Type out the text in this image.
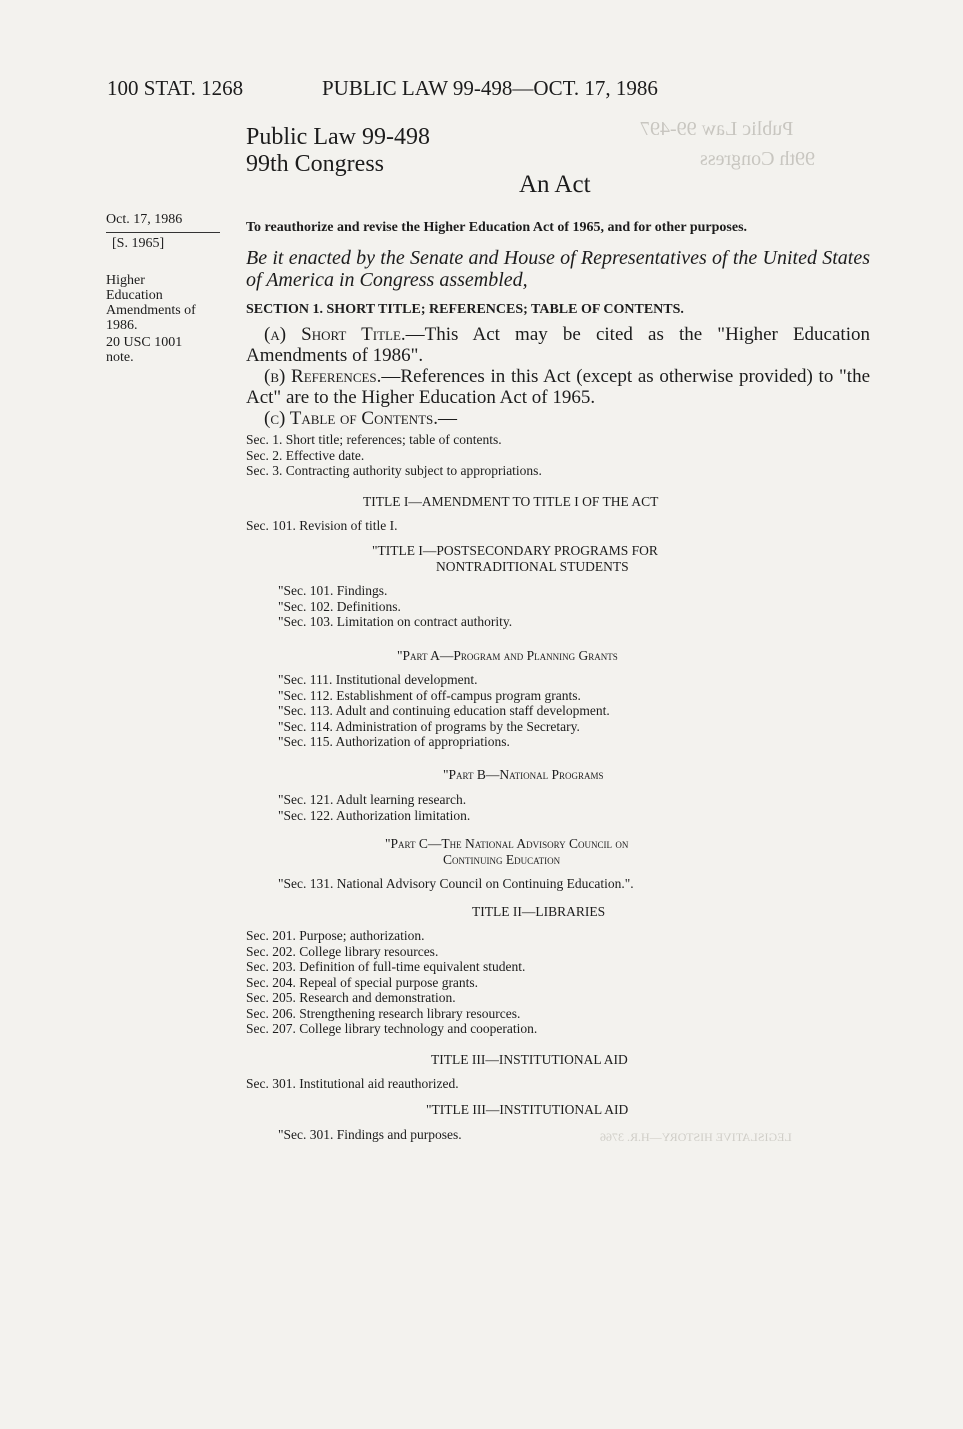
Public Law 99-497
99th Congress
LEGISLATIVE HISTORY—H.R. 3766
100 STAT. 1268	PUBLIC LAW 99-498—OCT. 17, 1986
Public Law 99-498
99th Congress
An Act
Oct. 17, 1986
[S. 1965]
Higher
Education
Amendments of
1986.
20 USC 1001
note.
To reauthorize and revise the Higher Education Act of 1965, and for other purposes.
Be it enacted by the Senate and House of Representatives of the United States of America in Congress assembled,
SECTION 1. SHORT TITLE; REFERENCES; TABLE OF CONTENTS.
(a) Short Title.—This Act may be cited as the "Higher Education Amendments of 1986".
(b) References.—References in this Act (except as otherwise provided) to "the Act" are to the Higher Education Act of 1965.
(c) Table of Contents.—
Sec. 1. Short title; references; table of contents.
Sec. 2. Effective date.
Sec. 3. Contracting authority subject to appropriations.
TITLE I—AMENDMENT TO TITLE I OF THE ACT
Sec. 101. Revision of title I.
"TITLE I—POSTSECONDARY PROGRAMS FOR
NONTRADITIONAL STUDENTS
"Sec. 101. Findings.
"Sec. 102. Definitions.
"Sec. 103. Limitation on contract authority.
"Part A—Program and Planning Grants
"Sec. 111. Institutional development.
"Sec. 112. Establishment of off-campus program grants.
"Sec. 113. Adult and continuing education staff development.
"Sec. 114. Administration of programs by the Secretary.
"Sec. 115. Authorization of appropriations.
"Part B—National Programs
"Sec. 121. Adult learning research.
"Sec. 122. Authorization limitation.
"Part C—The National Advisory Council on
Continuing Education
"Sec. 131. National Advisory Council on Continuing Education.".
TITLE II—LIBRARIES
Sec. 201. Purpose; authorization.
Sec. 202. College library resources.
Sec. 203. Definition of full-time equivalent student.
Sec. 204. Repeal of special purpose grants.
Sec. 205. Research and demonstration.
Sec. 206. Strengthening research library resources.
Sec. 207. College library technology and cooperation.
TITLE III—INSTITUTIONAL AID
Sec. 301. Institutional aid reauthorized.
"TITLE III—INSTITUTIONAL AID
"Sec. 301. Findings and purposes.
